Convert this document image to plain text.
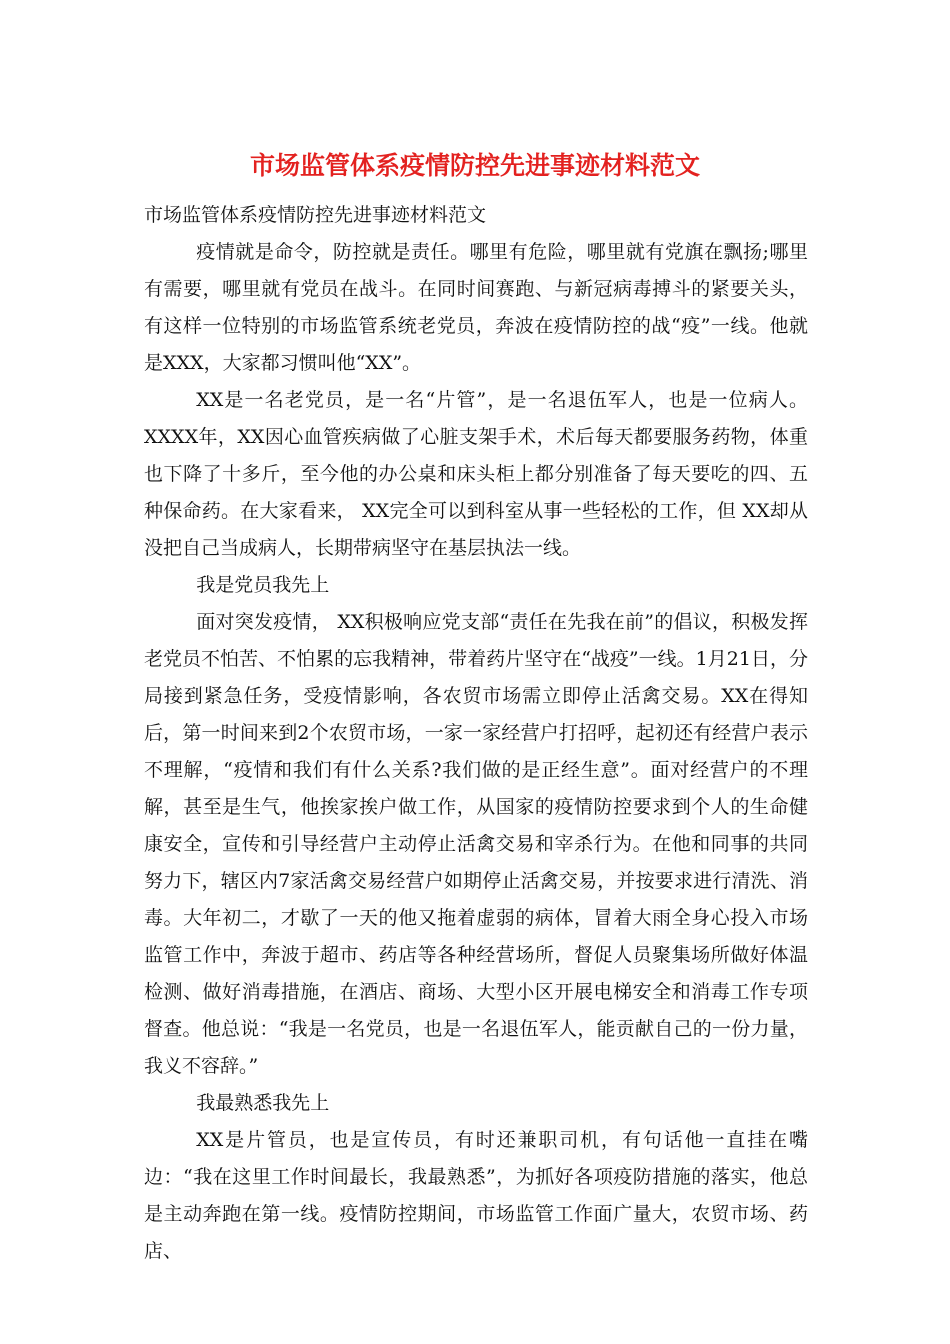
市场监管体系疫情防控先进事迹材料范文

市场监管体系疫情防控先进事迹材料范文

疫情就是命令，防控就是责任。哪里有危险，哪里就有党旗在飘扬;哪里有需要，哪里就有党员在战斗。在同时间赛跑、与新冠病毒搏斗的紧要关头，有这样一位特别的市场监管系统老党员，奔波在疫情防控的战“疫”一线。他就是XXX，大家都习惯叫他“XX”。

XX是一名老党员，是一名“片管”，是一名退伍军人，也是一位病人。XXXX年，XX因心血管疾病做了心脏支架手术，术后每天都要服务药物，体重也下降了十多斤，至今他的办公桌和床头柜上都分别准备了每天要吃的四、五种保命药。在大家看来， XX完全可以到科室从事一些轻松的工作，但 XX却从没把自己当成病人，长期带病坚守在基层执法一线。

我是党员我先上

面对突发疫情， XX积极响应党支部“责任在先我在前”的倡议，积极发挥老党员不怕苦、不怕累的忘我精神，带着药片坚守在“战疫”一线。1月21日，分局接到紧急任务，受疫情影响，各农贸市场需立即停止活禽交易。XX在得知后，第一时间来到2个农贸市场，一家一家经营户打招呼，起初还有经营户表示不理解，“疫情和我们有什么关系?我们做的是正经生意”。面对经营户的不理解，甚至是生气，他挨家挨户做工作，从国家的疫情防控要求到个人的生命健康安全，宣传和引导经营户主动停止活禽交易和宰杀行为。在他和同事的共同努力下，辖区内7家活禽交易经营户如期停止活禽交易，并按要求进行清洗、消毒。大年初二，才歇了一天的他又拖着虚弱的病体，冒着大雨全身心投入市场监管工作中，奔波于超市、药店等各种经营场所，督促人员聚集场所做好体温检测、做好消毒措施，在酒店、商场、大型小区开展电梯安全和消毒工作专项督查。他总说：“我是一名党员，也是一名退伍军人，能贡献自己的一份力量，我义不容辞。”

我最熟悉我先上

XX是片管员，也是宣传员，有时还兼职司机，有句话他一直挂在嘴边：“我在这里工作时间最长，我最熟悉”，为抓好各项疫防措施的落实，他总是主动奔跑在第一线。疫情防控期间，市场监管工作面广量大，农贸市场、药店、
